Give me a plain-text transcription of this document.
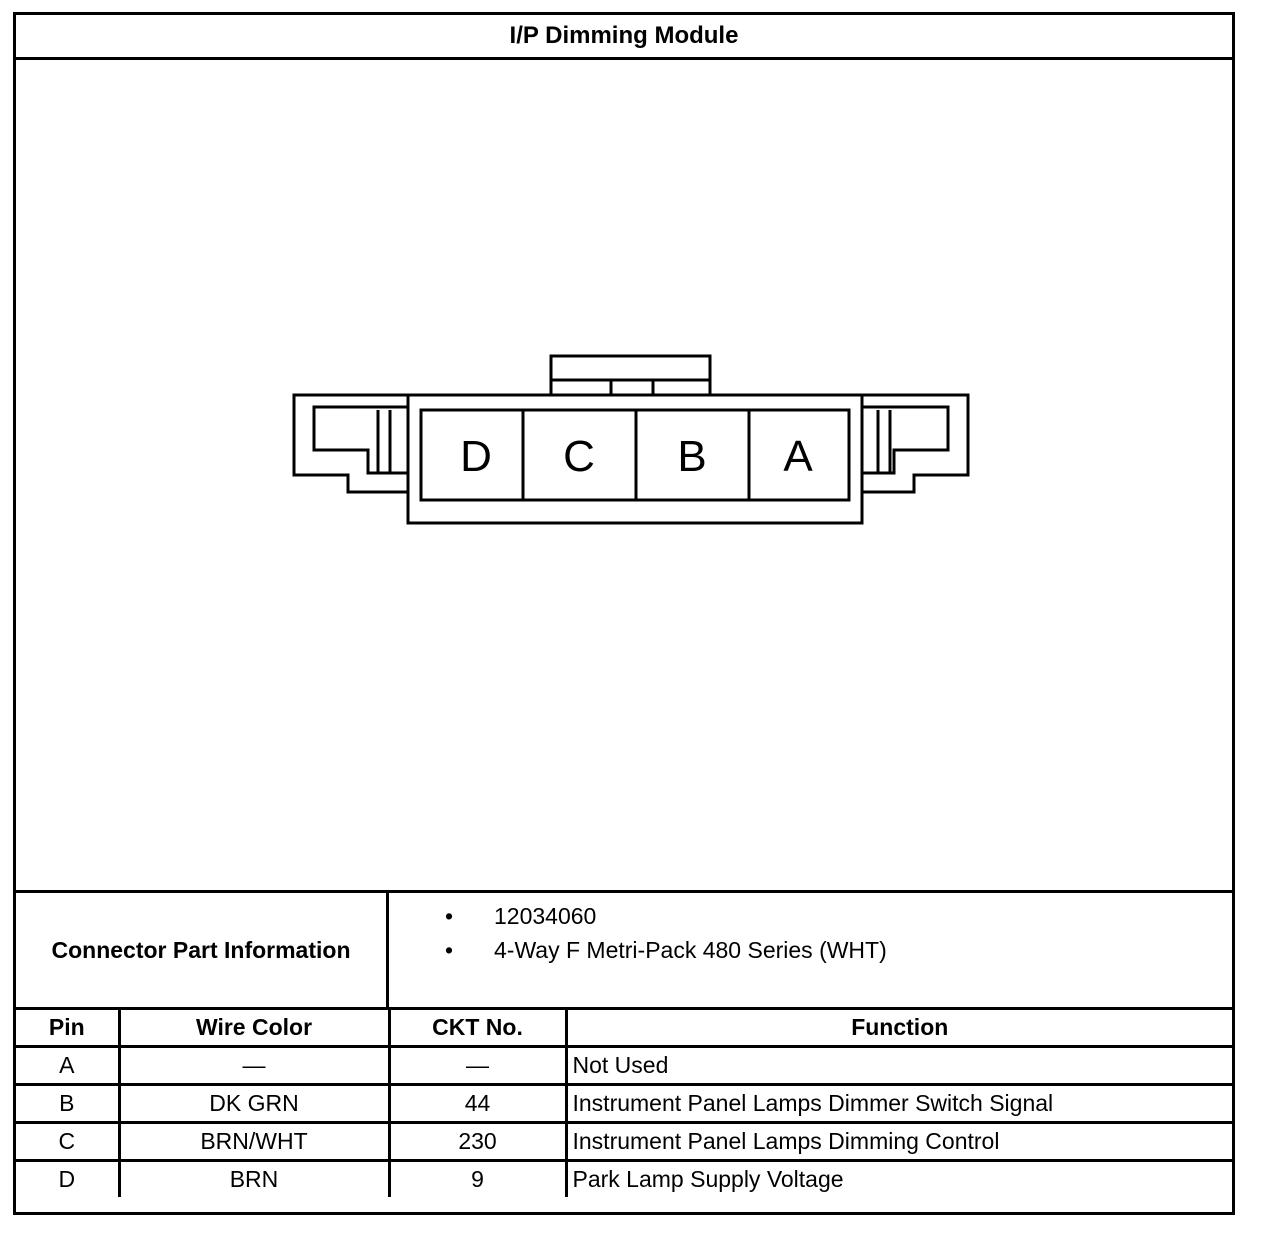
I/P Dimming Module
D C B A
Connector Part Information
• 12034060
• 4-Way F Metri-Pack 480 Series (WHT)
Pin	Wire Color	CKT No.	Function
A	—	—	Not Used
B	DK GRN	44	Instrument Panel Lamps Dimmer Switch Signal
C	BRN/WHT	230	Instrument Panel Lamps Dimming Control
D	BRN	9	Park Lamp Supply Voltage
